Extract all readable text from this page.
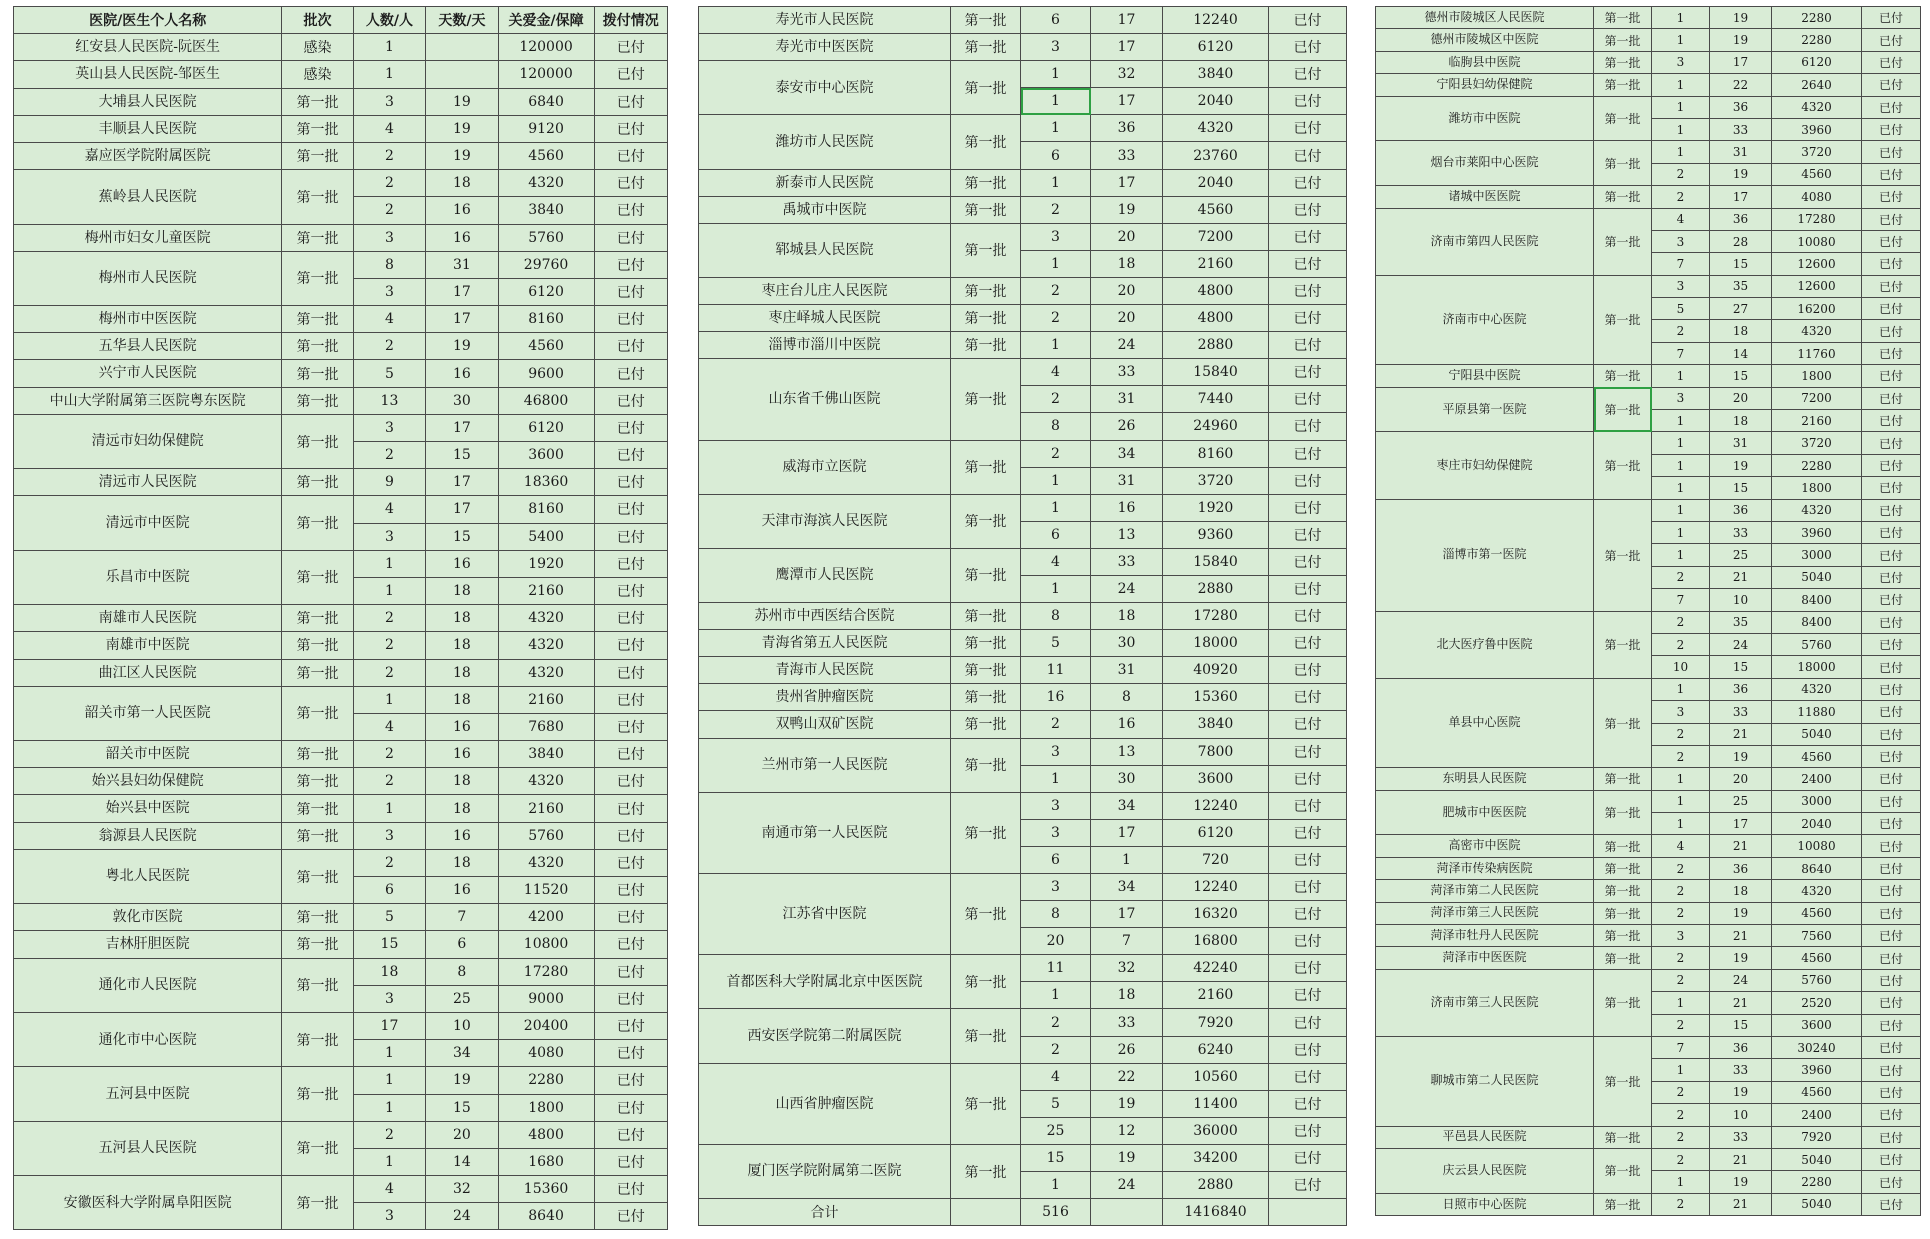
医院/医生个人名称	批次	人数/人	天数/天	关爱金/保障	拨付情况
红安县人民医院-阮医生	感染	1		120000	已付
英山县人民医院-邹医生	感染	1		120000	已付
大埔县人民医院	第一批	3	19	6840	已付
丰顺县人民医院	第一批	4	19	9120	已付
嘉应医学院附属医院	第一批	2	19	4560	已付
蕉岭县人民医院	第一批	2	18	4320	已付
		2	16	3840	已付
梅州市妇女儿童医院	第一批	3	16	5760	已付
梅州市人民医院	第一批	8	31	29760	已付
		3	17	6120	已付
梅州市中医医院	第一批	4	17	8160	已付
五华县人民医院	第一批	2	19	4560	已付
兴宁市人民医院	第一批	5	16	9600	已付
中山大学附属第三医院粤东医院	第一批	13	30	46800	已付
清远市妇幼保健院	第一批	3	17	6120	已付
		2	15	3600	已付
清远市人民医院	第一批	9	17	18360	已付
清远市中医院	第一批	4	17	8160	已付
		3	15	5400	已付
乐昌市中医院	第一批	1	16	1920	已付
		1	18	2160	已付
南雄市人民医院	第一批	2	18	4320	已付
南雄市中医院	第一批	2	18	4320	已付
曲江区人民医院	第一批	2	18	4320	已付
韶关市第一人民医院	第一批	1	18	2160	已付
		4	16	7680	已付
韶关市中医院	第一批	2	16	3840	已付
始兴县妇幼保健院	第一批	2	18	4320	已付
始兴县中医院	第一批	1	18	2160	已付
翁源县人民医院	第一批	3	16	5760	已付
粤北人民医院	第一批	2	18	4320	已付
		6	16	11520	已付
敦化市医院	第一批	5	7	4200	已付
吉林肝胆医院	第一批	15	6	10800	已付
通化市人民医院	第一批	18	8	17280	已付
		3	25	9000	已付
通化市中心医院	第一批	17	10	20400	已付
		1	34	4080	已付
五河县中医院	第一批	1	19	2280	已付
		1	15	1800	已付
五河县人民医院	第一批	2	20	4800	已付
		1	14	1680	已付
安徽医科大学附属阜阳医院	第一批	4	32	15360	已付
		3	24	8640	已付
寿光市人民医院	第一批	6	17	12240	已付
寿光市中医医院	第一批	3	17	6120	已付
泰安市中心医院	第一批	1	32	3840	已付
		1	17	2040	已付
潍坊市人民医院	第一批	1	36	4320	已付
		6	33	23760	已付
新泰市人民医院	第一批	1	17	2040	已付
禹城市中医院	第一批	2	19	4560	已付
郓城县人民医院	第一批	3	20	7200	已付
		1	18	2160	已付
枣庄台儿庄人民医院	第一批	2	20	4800	已付
枣庄峄城人民医院	第一批	2	20	4800	已付
淄博市淄川中医院	第一批	1	24	2880	已付
山东省千佛山医院	第一批	4	33	15840	已付
		2	31	7440	已付
		8	26	24960	已付
威海市立医院	第一批	2	34	8160	已付
		1	31	3720	已付
天津市海滨人民医院	第一批	1	16	1920	已付
		6	13	9360	已付
鹰潭市人民医院	第一批	4	33	15840	已付
		1	24	2880	已付
苏州市中西医结合医院	第一批	8	18	17280	已付
青海省第五人民医院	第一批	5	30	18000	已付
青海市人民医院	第一批	11	31	40920	已付
贵州省肿瘤医院	第一批	16	8	15360	已付
双鸭山双矿医院	第一批	2	16	3840	已付
兰州市第一人民医院	第一批	3	13	7800	已付
		1	30	3600	已付
南通市第一人民医院	第一批	3	34	12240	已付
		3	17	6120	已付
		6	1	720	已付
江苏省中医院	第一批	3	34	12240	已付
		8	17	16320	已付
		20	7	16800	已付
首都医科大学附属北京中医医院	第一批	11	32	42240	已付
		1	18	2160	已付
西安医学院第二附属医院	第一批	2	33	7920	已付
		2	26	6240	已付
山西省肿瘤医院	第一批	4	22	10560	已付
		5	19	11400	已付
		25	12	36000	已付
厦门医学院附属第二医院	第一批	15	19	34200	已付
		1	24	2880	已付
合计		516		1416840	
德州市陵城区人民医院	第一批	1	19	2280	已付
德州市陵城区中医院	第一批	1	19	2280	已付
临朐县中医院	第一批	3	17	6120	已付
宁阳县妇幼保健院	第一批	1	22	2640	已付
潍坊市中医院	第一批	1	36	4320	已付
		1	33	3960	已付
烟台市莱阳中心医院	第一批	1	31	3720	已付
		2	19	4560	已付
诸城中医医院	第一批	2	17	4080	已付
济南市第四人民医院	第一批	4	36	17280	已付
		3	28	10080	已付
		7	15	12600	已付
济南市中心医院	第一批	3	35	12600	已付
		5	27	16200	已付
		2	18	4320	已付
		7	14	11760	已付
宁阳县中医院	第一批	1	15	1800	已付
平原县第一医院	第一批	3	20	7200	已付
		1	18	2160	已付
枣庄市妇幼保健院	第一批	1	31	3720	已付
		1	19	2280	已付
		1	15	1800	已付
淄博市第一医院	第一批	1	36	4320	已付
		1	33	3960	已付
		1	25	3000	已付
		2	21	5040	已付
		7	10	8400	已付
北大医疗鲁中医院	第一批	2	35	8400	已付
		2	24	5760	已付
		10	15	18000	已付
单县中心医院	第一批	1	36	4320	已付
		3	33	11880	已付
		2	21	5040	已付
		2	19	4560	已付
东明县人民医院	第一批	1	20	2400	已付
肥城市中医医院	第一批	1	25	3000	已付
		1	17	2040	已付
高密市中医院	第一批	4	21	10080	已付
菏泽市传染病医院	第一批	2	36	8640	已付
菏泽市第二人民医院	第一批	2	18	4320	已付
菏泽市第三人民医院	第一批	2	19	4560	已付
菏泽市牡丹人民医院	第一批	3	21	7560	已付
菏泽市中医医院	第一批	2	19	4560	已付
济南市第三人民医院	第一批	2	24	5760	已付
		1	21	2520	已付
		2	15	3600	已付
聊城市第二人民医院	第一批	7	36	30240	已付
		1	33	3960	已付
		2	19	4560	已付
		2	10	2400	已付
平邑县人民医院	第一批	2	33	7920	已付
庆云县人民医院	第一批	2	21	5040	已付
		1	19	2280	已付
日照市中心医院	第一批	2	21	5040	已付
